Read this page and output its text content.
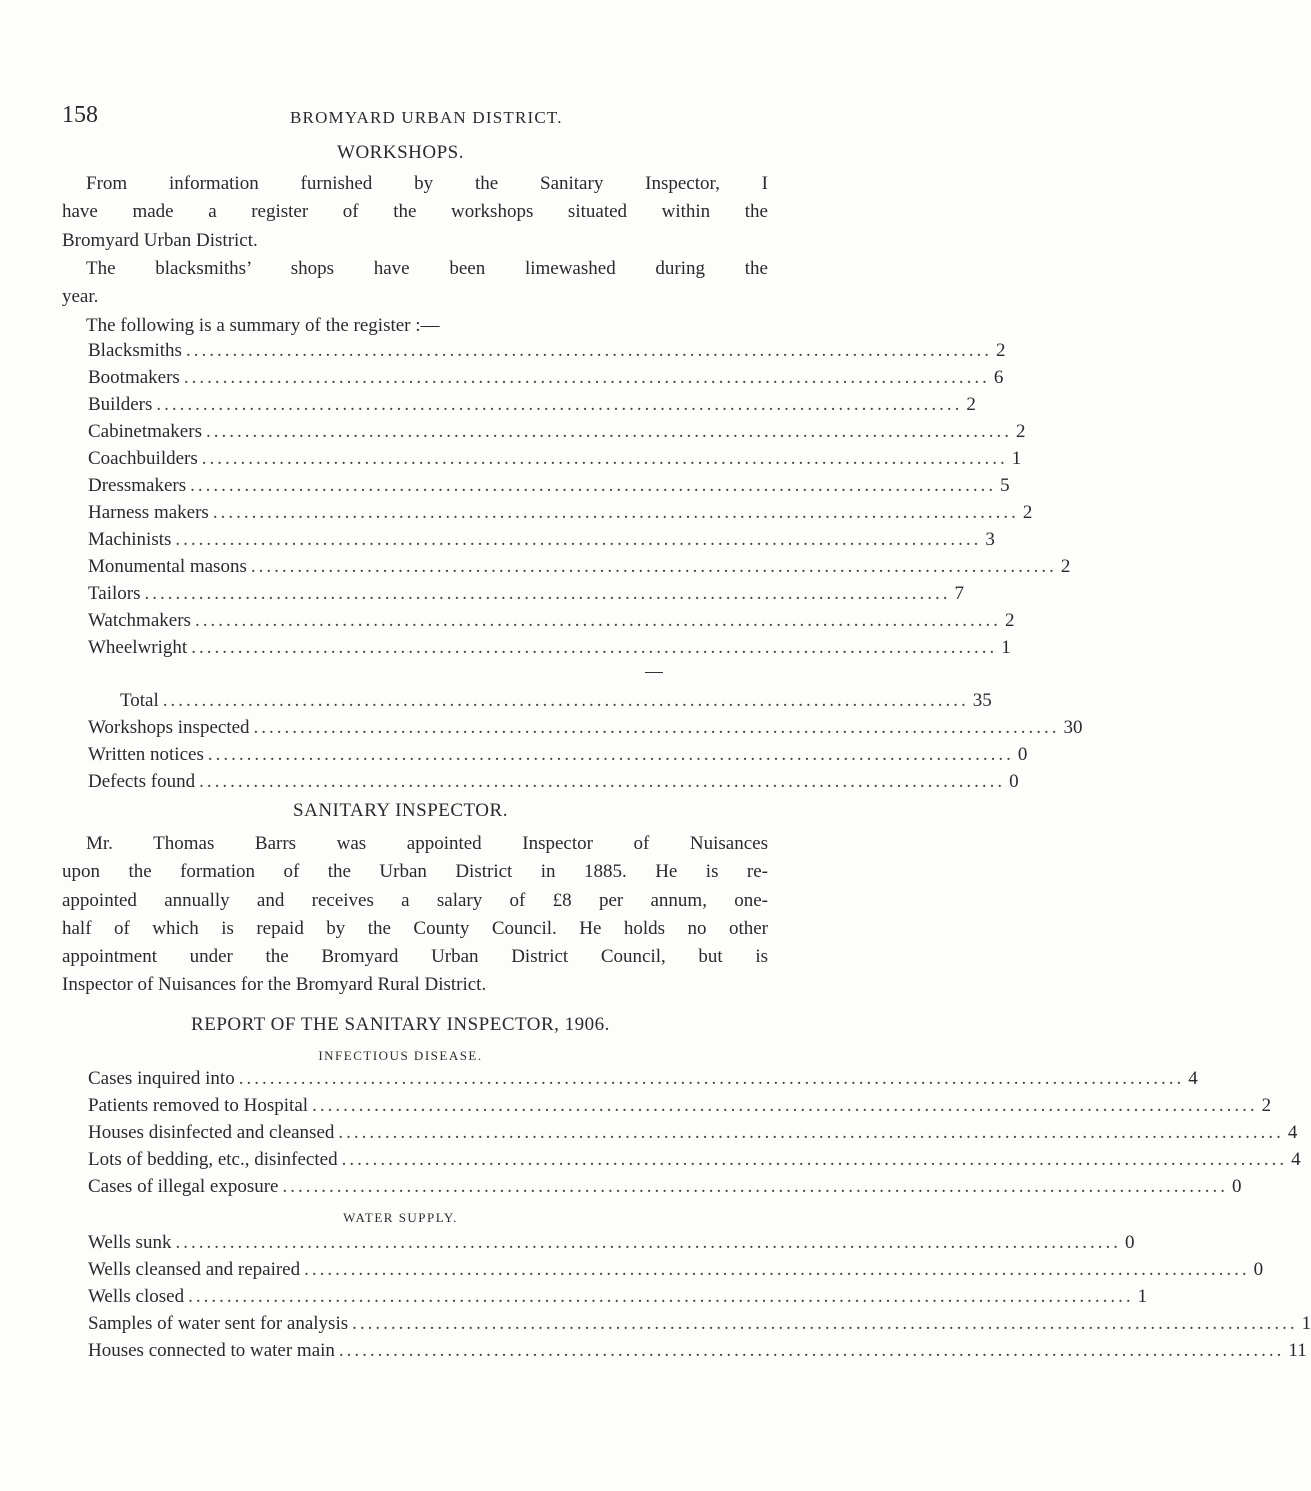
158	BROMYARD URBAN DISTRICT.
WORKSHOPS.
From information furnished by the Sanitary Inspector, I
have made a register of the workshops situated within the
Bromyard Urban District.
The blacksmiths’ shops have been limewashed during the
year.
The following is a summary of the register :—
Blacksmiths ........................................................................................................ 2
Bootmakers ........................................................................................................ 6
Builders ........................................................................................................ 2
Cabinetmakers ........................................................................................................ 2
Coachbuilders ........................................................................................................ 1
Dressmakers ........................................................................................................ 5
Harness makers ........................................................................................................ 2
Machinists ........................................................................................................ 3
Monumental masons ........................................................................................................ 2
Tailors ........................................................................................................ 7
Watchmakers ........................................................................................................ 2
Wheelwright ........................................................................................................ 1
Total ........................................................................................................ 35
Workshops inspected ........................................................................................................ 30
Written notices ........................................................................................................ 0
Defects found ........................................................................................................ 0
SANITARY INSPECTOR.
Mr. Thomas Barrs was appointed Inspector of Nuisances
upon the formation of the Urban District in 1885. He is re-
appointed annually and receives a salary of £8 per annum, one-
half of which is repaid by the County Council. He holds no other
appointment under the Bromyard Urban District Council, but is
Inspector of Nuisances for the Bromyard Rural District.
REPORT OF THE SANITARY INSPECTOR, 1906.
INFECTIOUS DISEASE.
Cases inquired into .......................................................................................................................... 4
Patients removed to Hospital .......................................................................................................................... 2
Houses disinfected and cleansed .......................................................................................................................... 4
Lots of bedding, etc., disinfected .......................................................................................................................... 4
Cases of illegal exposure .......................................................................................................................... 0
WATER SUPPLY.
Wells sunk .......................................................................................................................... 0
Wells cleansed and repaired .......................................................................................................................... 0
Wells closed .......................................................................................................................... 1
Samples of water sent for analysis .......................................................................................................................... 1
Houses connected to water main .......................................................................................................................... 11
